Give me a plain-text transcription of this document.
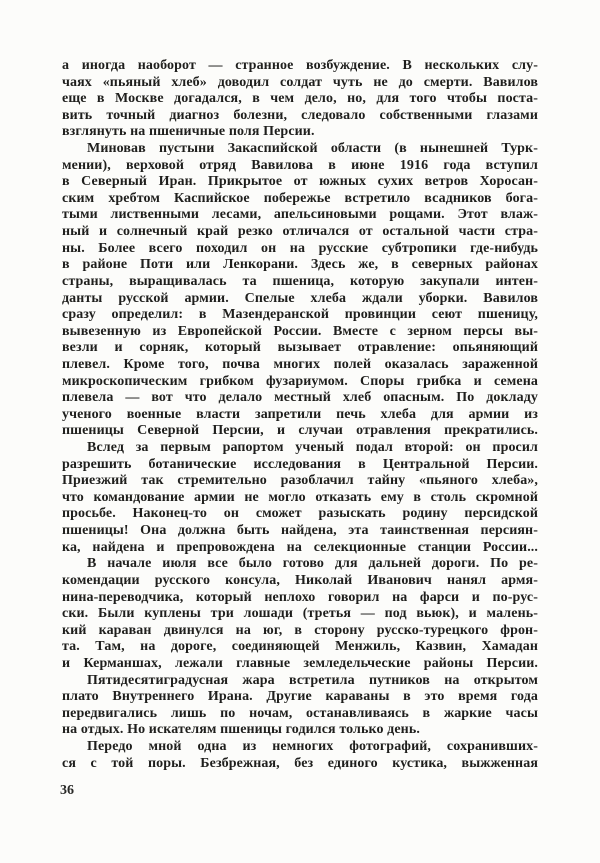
а иногда наоборот — странное возбуждение. В нескольких слу-
чаях «пьяный хлеб» доводил солдат чуть не до смерти. Вавилов
еще в Москве догадался, в чем дело, но, для того чтобы поста-
вить точный диагноз болезни, следовало собственными глазами
взглянуть на пшеничные поля Персии.
Миновав пустыни Закаспийской области (в нынешней Турк-
мении), верховой отряд Вавилова в июне 1916 года вступил
в Северный Иран. Прикрытое от южных сухих ветров Хоросан-
ским хребтом Каспийское побережье встретило всадников бога-
тыми лиственными лесами, апельсиновыми рощами. Этот влаж-
ный и солнечный край резко отличался от остальной части стра-
ны. Более всего походил он на русские субтропики где-нибудь
в районе Поти или Ленкорани. Здесь же, в северных районах
страны, выращивалась та пшеница, которую закупали интен-
данты русской армии. Спелые хлеба ждали уборки. Вавилов
сразу определил: в Мазендеранской провинции сеют пшеницу,
вывезенную из Европейской России. Вместе с зерном персы вы-
везли и сорняк, который вызывает отравление: опьяняющий
плевел. Кроме того, почва многих полей оказалась зараженной
микроскопическим грибком фузариумом. Споры грибка и семена
плевела — вот что делало местный хлеб опасным. По докладу
ученого военные власти запретили печь хлеба для армии из
пшеницы Северной Персии, и случаи отравления прекратились.
Вслед за первым рапортом ученый подал второй: он просил
разрешить ботанические исследования в Центральной Персии.
Приезжий так стремительно разоблачил тайну «пьяного хлеба»,
что командование армии не могло отказать ему в столь скромной
просьбе. Наконец-то он сможет разыскать родину персидской
пшеницы! Она должна быть найдена, эта таинственная персиян-
ка, найдена и препровождена на селекционные станции России...
В начале июля все было готово для дальней дороги. По ре-
комендации русского консула, Николай Иванович нанял армя-
нина-переводчика, который неплохо говорил на фарси и по-рус-
ски. Были куплены три лошади (третья — под вьюк), и малень-
кий караван двинулся на юг, в сторону русско-турецкого фрон-
та. Там, на дороге, соединяющей Менжиль, Казвин, Хамадан
и Керманшах, лежали главные земледельческие районы Персии.
Пятидесятиградусная жара встретила путников на открытом
плато Внутреннего Ирана. Другие караваны в это время года
передвигались лишь по ночам, останавливаясь в жаркие часы
на отдых. Но искателям пшеницы годился только день.
Передо мной одна из немногих фотографий, сохранивших-
ся с той поры. Безбрежная, без единого кустика, выжженная
36
